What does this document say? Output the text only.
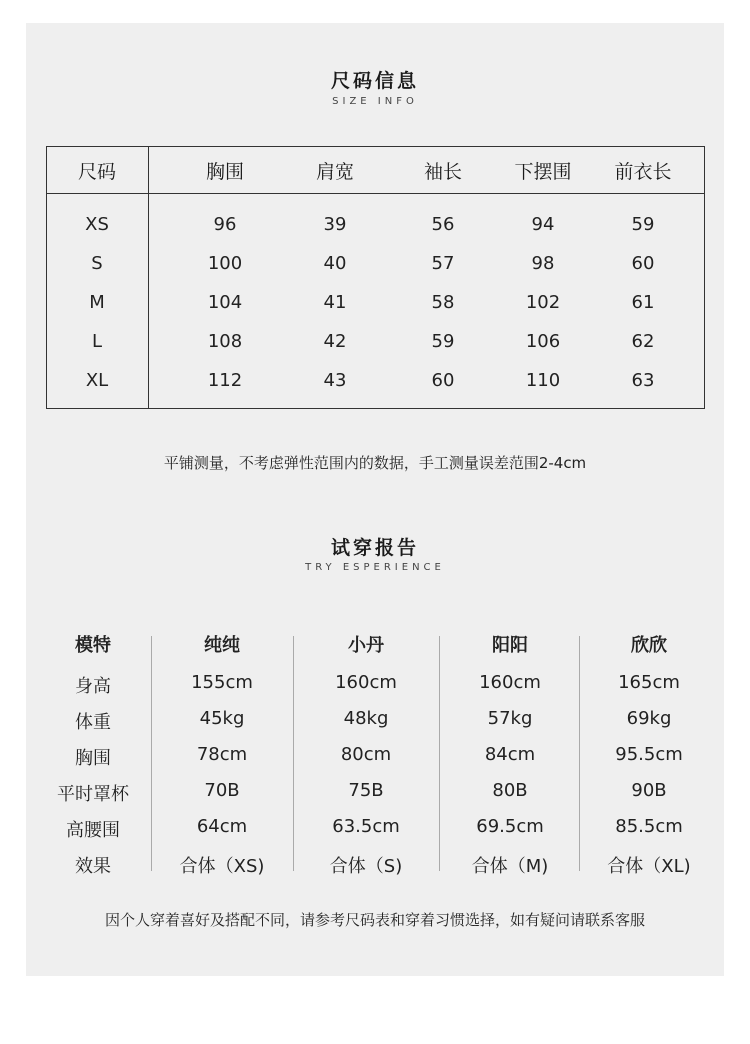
尺码信息
SIZE INFO
尺码	胸围	肩宽	袖长	下摆围 前衣长
XS	96	39	56	94	59
S	100	40	57	98	60
M	104	41	58	102	61
L	108	42	59	106	62
XL	112	43	60	110	63
平铺测量，不考虑弹性范围内的数据，手工测量误差范围2-4cm
试穿报告
TRY ESPERIENCE
模特	纯纯	小丹	阳阳	欣欣
身高	155cm	160cm	160cm	165cm
体重	45kg	48kg	57kg	69kg
胸围	78cm	80cm	84cm	95.5cm
平时罩杯	70B	75B	80B	90B
高腰围	64cm	63.5cm	69.5cm	85.5cm
效果	合体（XS)	合体（S)	合体（M)	合体（XL)
因个人穿着喜好及搭配不同，请参考尺码表和穿着习惯选择，如有疑问请联系客服
